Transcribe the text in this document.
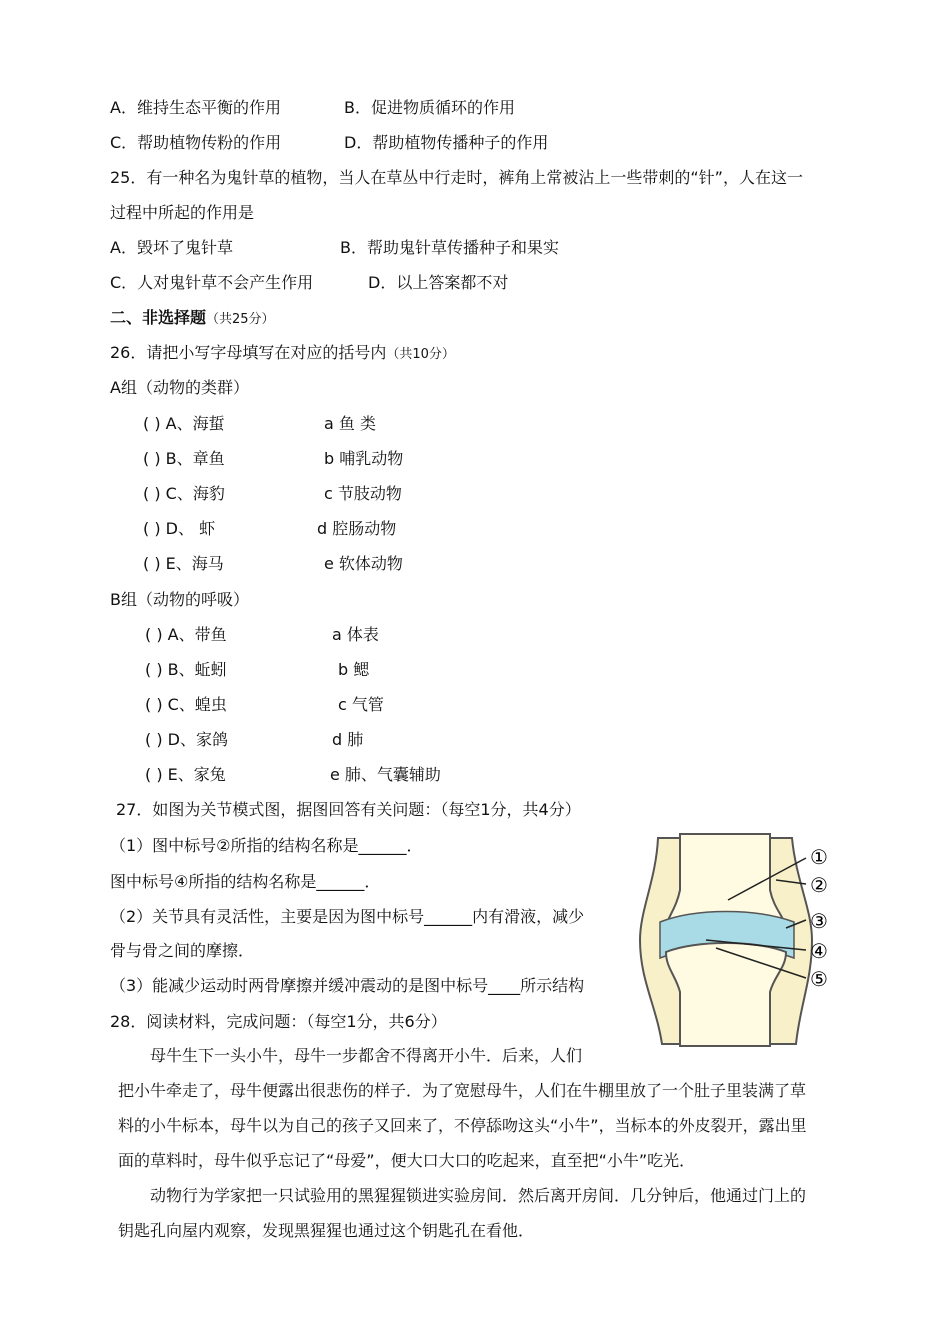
A．维持生态平衡的作用	B．促进物质循环的作用
C．帮助植物传粉的作用	D．帮助植物传播种子的作用
25．有一种名为鬼针草的植物，当人在草丛中行走时，裤角上常被沾上一些带刺的“针”，人在这一
过程中所起的作用是
A．毁坏了鬼针草	B．帮助鬼针草传播种子和果实
C．人对鬼针草不会产生作用	D．以上答案都不对
二、非选择题（共25分）
26．请把小写字母填写在对应的括号内（共10分）
A组（动物的类群）
( ) A、海蜇	a 鱼 类
( ) B、章鱼	b 哺乳动物
( ) C、海豹	c 节肢动物
( ) D、 虾	d 腔肠动物
( ) E、海马	e 软体动物
B组（动物的呼吸）
( ) A、带鱼	a 体表
( ) B、蚯蚓	b 鳃
( ) C、蝗虫	c 气管
( ) D、家鸽	d 肺
( ) E、家兔	e 肺、气囊辅助
27．如图为关节模式图，据图回答有关问题：（每空1分，共4分）
（1）图中标号②所指的结构名称是______．
图中标号④所指的结构名称是______．
（2）关节具有灵活性，主要是因为图中标号______内有滑液，减少
骨与骨之间的摩擦．
（3）能减少运动时两骨摩擦并缓冲震动的是图中标号____所示结构
①
②
③
④
⑤
28．阅读材料，完成问题：（每空1分，共6分）
母牛生下一头小牛，母牛一步都舍不得离开小牛．后来，人们
把小牛牵走了，母牛便露出很悲伤的样子．为了宽慰母牛，人们在牛棚里放了一个肚子里装满了草
料的小牛标本，母牛以为自己的孩子又回来了，不停舔吻这头“小牛”，当标本的外皮裂开，露出里
面的草料时，母牛似乎忘记了“母爱”，便大口大口的吃起来，直至把“小牛”吃光．
动物行为学家把一只试验用的黑猩猩锁进实验房间．然后离开房间．几分钟后，他通过门上的
钥匙孔向屋内观察，发现黑猩猩也通过这个钥匙孔在看他．
